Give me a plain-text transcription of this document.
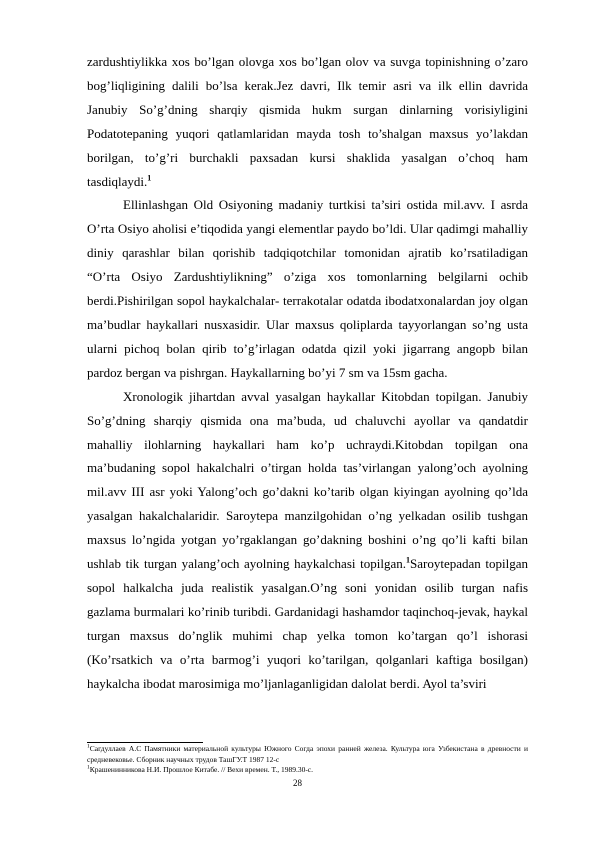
zardushtiylikka xos bo’lgan olovga xos bo’lgan olov va suvga topinishning o’zaro bog’liqligining dalili bo’lsa kerak.Jez davri, Ilk temir asri va ilk ellin davrida Janubiy So’g’dning sharqiy qismida hukm surgan dinlarning vorisiyligini Podatotepaning yuqori qatlamlaridan mayda tosh to’shalgan maxsus yo’lakdan borilgan, to’g’ri burchakli paxsadan kursi shaklida yasalgan o’choq ham tasdiqlaydi.$^1$

Ellinlashgan Old Osiyoning madaniy turtkisi ta’siri ostida mil.avv. I asrda O’rta Osiyo aholisi e’tiqodida yangi elementlar paydo bo’ldi. Ular qadimgi mahalliy diniy qarashlar bilan qorishib tadqiqotchilar tomonidan ajratib ko’rsatiladigan “O’rta Osiyo Zardushtiylikning” o’ziga xos tomonlarning belgilarni ochib berdi.Pishirilgan sopol haykalchalar- terrakotalar odatda ibodatxonalardan joy olgan ma’budlar haykallari nusxasidir. Ular maxsus qoliplarda tayyorlangan so’ng usta ularni pichoq bolan qirib to’g’irlagan odatda qizil yoki jigarrang angopb bilan pardoz bergan va pishrgan. Haykallarning bo’yi 7 sm va 15sm gacha.

Xronologik jihartdan avval yasalgan haykallar Kitobdan topilgan. Janubiy So’g’dning sharqiy qismida ona ma’buda, ud chaluvchi ayollar va qandatdir mahalliy ilohlarning haykallari ham ko’p uchraydi.Kitobdan topilgan ona ma’budaning sopol hakalchalri o’tirgan holda tas’virlangan yalong’och ayolning mil.avv III asr yoki Yalong’och go’dakni ko’tarib olgan kiyingan ayolning qo’lda yasalgan hakalchalaridir. Saroytepa manzilgohidan o’ng yelkadan osilib tushgan maxsus lo’ngida yotgan yo’rgaklangan go’dakning boshini o’ng qo’li kafti bilan ushlab tik turgan yalang’och ayolning haykalchasi topilgan.$^1$Saroytepadan topilgan sopol halkalcha juda realistik yasalgan.O’ng soni yonidan osilib turgan nafis gazlama burmalari ko’rinib turibdi. Gardanidagi hashamdor taqinchoq-jevak, haykal turgan maxsus do’nglik muhimi chap yelka tomon ko’targan qo’l ishorasi (Ko’rsatkich va o’rta barmog’i yuqori ko’tarilgan, qolganlari kaftiga bosilgan) haykalcha ibodat marosimiga mo’ljanlaganligidan dalolat berdi. Ayol ta’sviri

$^1$Сагдуллаев А.С Памятники материальной культуры Южного Согда эпохи ранней железа. Культура юга Узбекистана в древности и средневековье. Сборник научных трудов ТашГУ.Т 1987 12-с

$^1$Крашенинникова Н.И. Прошлое Китабе. // Вехи времен. Т., 1989.30-с.

28
